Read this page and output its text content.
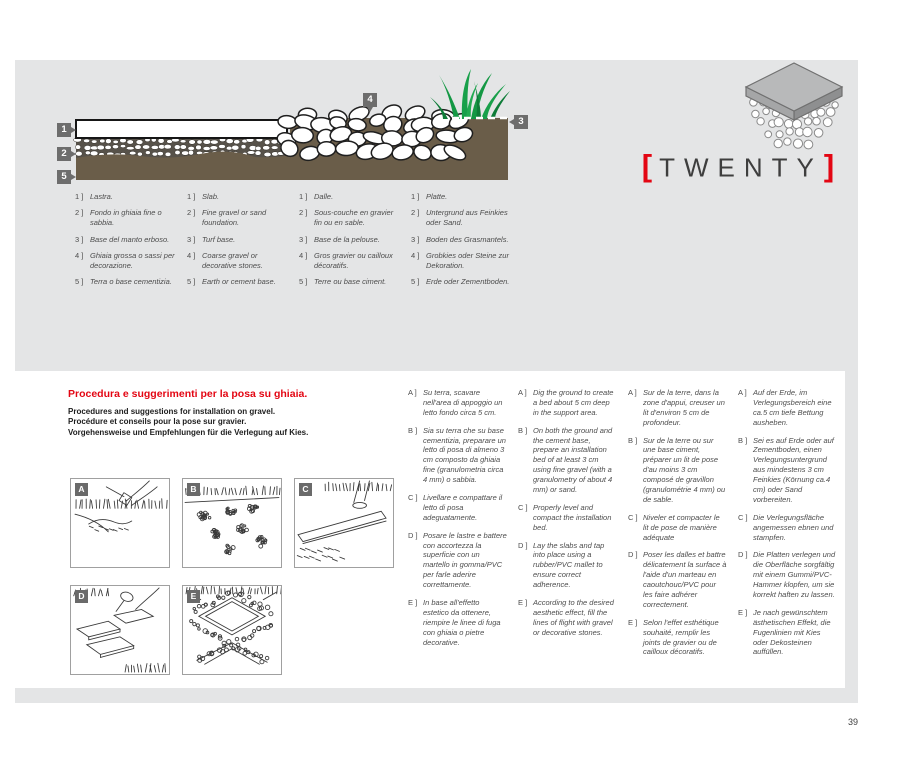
1
2
5
4
3
[ TWENTY]
1 ] Lastra.
2 ] Fondo in ghiaia fine o sabbia.
3 ] Base del manto erboso.
4 ] Ghiaia grossa o sassi per decorazione.
5 ] Terra o base cementizia.
1 ] Slab.
2 ] Fine gravel or sand foundation.
3 ] Turf base.
4 ] Coarse gravel or decorative stones.
5 ] Earth or cement base.
1 ] Dalle.
2 ] Sous-couche en gravier fin ou en sable.
3 ] Base de la pelouse.
4 ] Gros gravier ou cailloux décoratifs.
5 ] Terre ou base ciment.
1 ] Platte.
2 ] Untergrund aus Feinkies oder Sand.
3 ] Boden des Grasmantels.
4 ] Grobkies oder Steine zur Dekoration.
5 ] Erde oder Zementboden.
Procedura e suggerimenti per la posa su ghiaia.
Procedures and suggestions for installation on gravel.
Procédure et conseils pour la pose sur gravier.
Vorgehensweise und Empfehlungen für die Verlegung auf Kies.
A	B	C
D	E
A ] Su terra, scavare nell'area di appoggio un letto fondo circa 5 cm.
B ] Sia su terra che su base cementizia, preparare un letto di posa di almeno 3 cm composto da ghiaia fine (granulometria circa 4 mm) o sabbia.
C ] Livellare e compattare il letto di posa adeguatamente.
D ] Posare le lastre e battere con accortezza la superficie con un martello in gomma/PVC per farle aderire correttamente.
E ] In base all'effetto estetico da ottenere, riempire le linee di fuga con ghiaia o pietre decorative.
A ] Dig the ground to create a bed about 5 cm deep in the support area.
B ] On both the ground and the cement base, prepare an installation bed of at least 3 cm using fine gravel (with a granulometry of about 4 mm) or sand.
C ] Properly level and compact the installation bed.
D ] Lay the slabs and tap into place using a rubber/PVC mallet to ensure correct adherence.
E ] According to the desired aesthetic effect, fill the lines of flight with gravel or decorative stones.
A ] Sur de la terre, dans la zone d'appui, creuser un lit d'environ 5 cm de profondeur.
B ] Sur de la terre ou sur une base ciment, préparer un lit de pose d'au moins 3 cm composé de gravillon (granulométrie 4 mm) ou de sable.
C ] Niveler et compacter le lit de pose de manière adéquate
D ] Poser les dalles et battre délicatement la surface à l'aide d'un marteau en caoutchouc/PVC pour les faire adhérer correctement.
E ] Selon l'effet esthétique souhaité, remplir les joints de gravier ou de cailloux décoratifs.
A ] Auf der Erde, im Verlegungsbereich eine ca.5 cm tiefe Bettung ausheben.
B ] Sei es auf Erde oder auf Zementboden, einen Verlegungsuntergrund aus mindestens 3 cm Feinkies (Körnung ca.4 cm) oder Sand vorbereiten.
C ] Die Verlegungsfläche angemessen ebnen und stampfen.
D ] Die Platten verlegen und die Oberfläche sorgfältig mit einem Gummi/PVC-Hammer klopfen, um sie korrekt haften zu lassen.
E ] Je nach gewünschtem ästhetischen Effekt, die Fugenlinien mit Kies oder Dekosteinen auffüllen.
39
